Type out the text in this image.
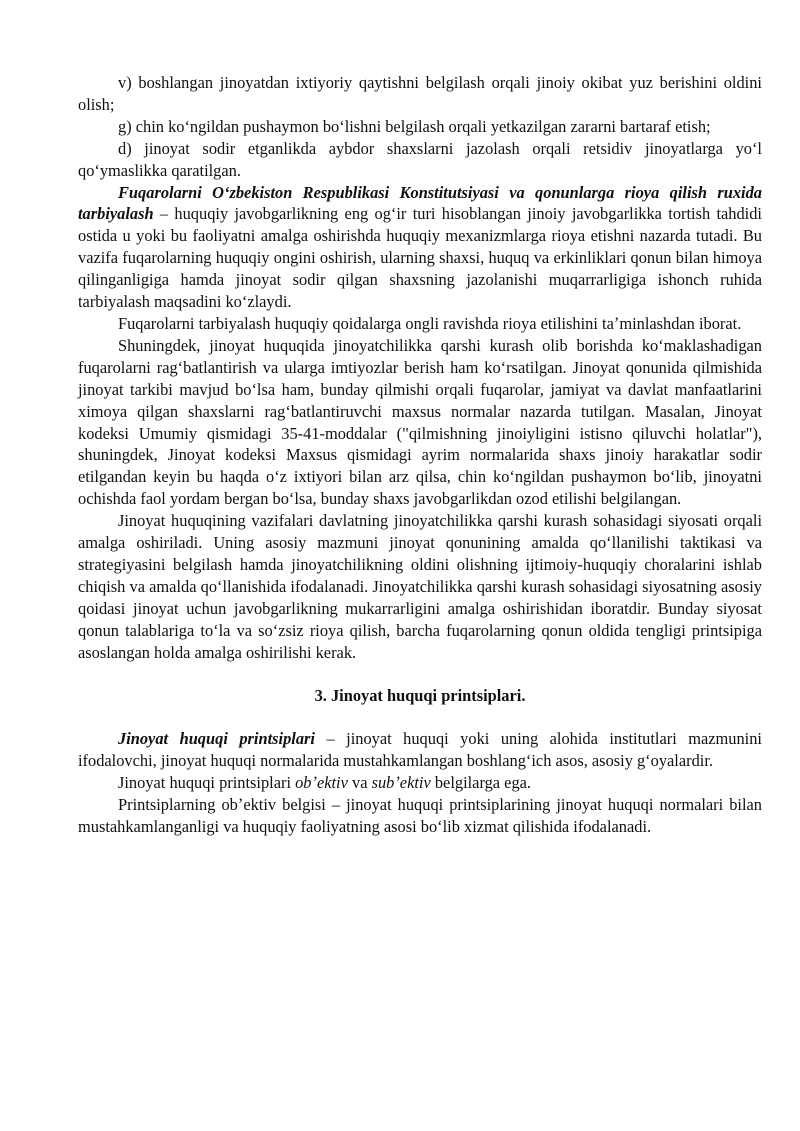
v) boshlangan jinoyatdan ixtiyoriy qaytishni belgilash orqali jinoiy okibat yuz berishini oldini olish;

g) chin koʻngildan pushaymon boʻlishni belgilash orqali yetkazilgan zararni bartaraf etish;

d) jinoyat sodir etganlikda aybdor shaxslarni jazolash orqali retsidiv jinoyatlarga yoʻl qoʻymaslikka qaratilgan.

Fuqarolarni Oʻzbekiston Respublikasi Konstitutsiyasi va qonunlarga rioya qilish ruxida tarbiyalash – huquqiy javobgarlikning eng ogʻir turi hisoblangan jinoiy javobgarlikka tortish tahdidi ostida u yoki bu faoliyatni amalga oshirishda huquqiy mexanizmlarga rioya etishni nazarda tutadi. Bu vazifa fuqarolarning huquqiy ongini oshirish, ularning shaxsi, huquq va erkinliklari qonun bilan himoya qilinganligiga hamda jinoyat sodir qilgan shaxsning jazolanishi muqarrarligiga ishonch ruhida tarbiyalash maqsadini koʻzlaydi.

Fuqarolarni tarbiyalash huquqiy qoidalarga ongli ravishda rioya etilishini taʼminlashdan iborat.

Shuningdek, jinoyat huquqida jinoyatchilikka qarshi kurash olib borishda koʻmaklashadigan fuqarolarni ragʻbatlantirish va ularga imtiyozlar berish ham koʻrsatilgan. Jinoyat qonunida qilmishida jinoyat tarkibi mavjud boʻlsa ham, bunday qilmishi orqali fuqarolar, jamiyat va davlat manfaatlarini ximoya qilgan shaxslarni ragʻbatlantiruvchi maxsus normalar nazarda tutilgan. Masalan, Jinoyat kodeksi Umumiy qismidagi 35-41-moddalar ("qilmishning jinoiyligini istisno qiluvchi holatlar"), shuningdek, Jinoyat kodeksi Maxsus qismidagi ayrim normalarida shaxs jinoiy harakatlar sodir etilgandan keyin bu haqda oʻz ixtiyori bilan arz qilsa, chin koʻngildan pushaymon boʻlib, jinoyatni ochishda faol yordam bergan boʻlsa, bunday shaxs javobgarlikdan ozod etilishi belgilangan.

Jinoyat huquqining vazifalari davlatning jinoyatchilikka qarshi kurash sohasidagi siyosati orqali amalga oshiriladi. Uning asosiy mazmuni jinoyat qonunining amalda qoʻllanilishi taktikasi va strategiyasini belgilash hamda jinoyatchilikning oldini olishning ijtimoiy-huquqiy choralarini ishlab chiqish va amalda qoʻllanishida ifodalanadi. Jinoyatchilikka qarshi kurash sohasidagi siyosatning asosiy qoidasi jinoyat uchun javobgarlikning mukarrarligini amalga oshirishidan iboratdir. Bunday siyosat qonun talablariga toʻla va soʻzsiz rioya qilish, barcha fuqarolarning qonun oldida tengligi printsipiga asoslangan holda amalga oshirilishi kerak.

3. Jinoyat huquqi printsiplari.

Jinoyat huquqi printsiplari – jinoyat huquqi yoki uning alohida institutlari mazmunini ifodalovchi, jinoyat huquqi normalarida mustahkamlangan boshlangʻich asos, asosiy gʻoyalardir.

Jinoyat huquqi printsiplari obʼektiv va subʼektiv belgilarga ega.

Printsiplarning obʼektiv belgisi – jinoyat huquqi printsiplarining jinoyat huquqi normalari bilan mustahkamlanganligi va huquqiy faoliyatning asosi boʻlib xizmat qilishida ifodalanadi.
